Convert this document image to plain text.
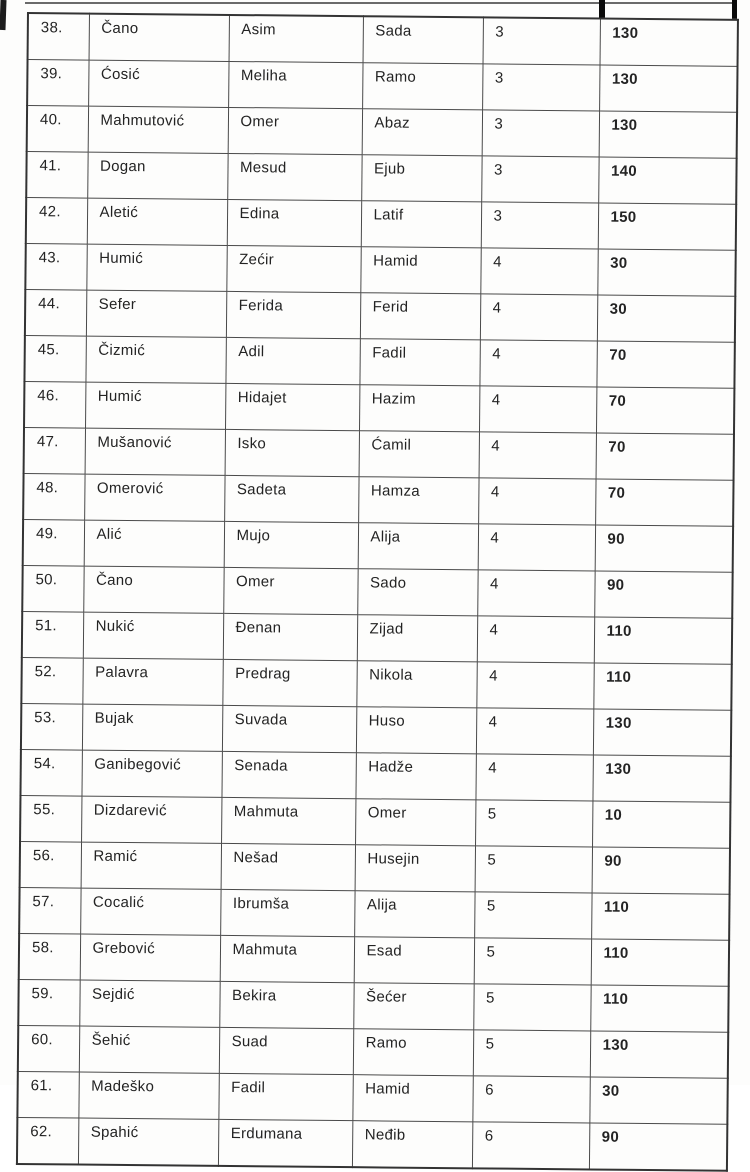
38.	Čano	Asim	Sada	3	130
39.	Ćosić	Meliha	Ramo	3	130
40.	Mahmutović	Omer	Abaz	3	130
41.	Dogan	Mesud	Ejub	3	140
42.	Aletić	Edina	Latif	3	150
43.	Humić	Zećir	Hamid	4	30
44.	Sefer	Ferida	Ferid	4	30
45.	Čizmić	Adil	Fadil	4	70
46.	Humić	Hidajet	Hazim	4	70
47.	Mušanović	Isko	Ćamil	4	70
48.	Omerović	Sadeta	Hamza	4	70
49.	Alić	Mujo	Alija	4	90
50.	Čano	Omer	Sado	4	90
51.	Nukić	Đenan	Zijad	4	110
52.	Palavra	Predrag	Nikola	4	110
53.	Bujak	Suvada	Huso	4	130
54.	Ganibegović	Senada	Hadže	4	130
55.	Dizdarević	Mahmuta	Omer	5	10
56.	Ramić	Nešad	Husejin	5	90
57.	Cocalić	Ibrumša	Alija	5	110
58.	Grebović	Mahmuta	Esad	5	110
59.	Sejdić	Bekira	Šećer	5	110
60.	Šehić	Suad	Ramo	5	130
61.	Madeško	Fadil	Hamid	6	30
62.	Spahić	Erdumana	Neđib	6	90
